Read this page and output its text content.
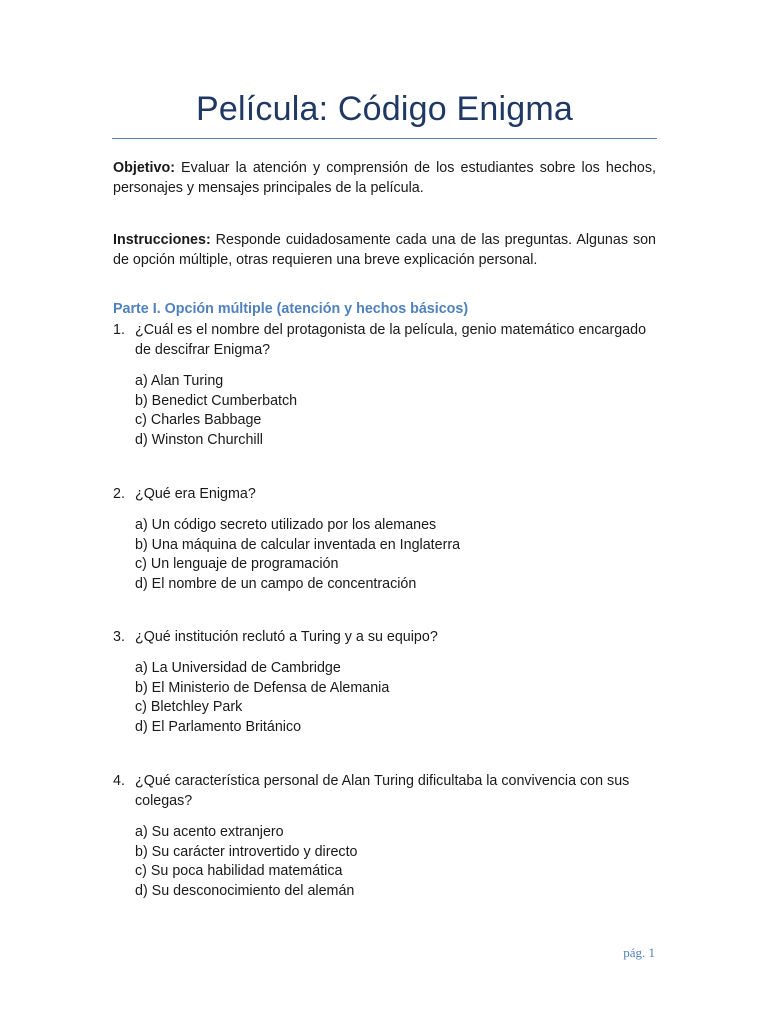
Película: Código Enigma
Objetivo: Evaluar la atención y comprensión de los estudiantes sobre los hechos, personajes y mensajes principales de la película.
Instrucciones: Responde cuidadosamente cada una de las preguntas. Algunas son de opción múltiple, otras requieren una breve explicación personal.
Parte I. Opción múltiple (atención y hechos básicos)
1. ¿Cuál es el nombre del protagonista de la película, genio matemático encargado de descifrar Enigma?
a) Alan Turing
b) Benedict Cumberbatch
c) Charles Babbage
d) Winston Churchill
2. ¿Qué era Enigma?
a) Un código secreto utilizado por los alemanes
b) Una máquina de calcular inventada en Inglaterra
c) Un lenguaje de programación
d) El nombre de un campo de concentración
3. ¿Qué institución reclutó a Turing y a su equipo?
a) La Universidad de Cambridge
b) El Ministerio de Defensa de Alemania
c) Bletchley Park
d) El Parlamento Británico
4. ¿Qué característica personal de Alan Turing dificultaba la convivencia con sus colegas?
a) Su acento extranjero
b) Su carácter introvertido y directo
c) Su poca habilidad matemática
d) Su desconocimiento del alemán
pág. 1
